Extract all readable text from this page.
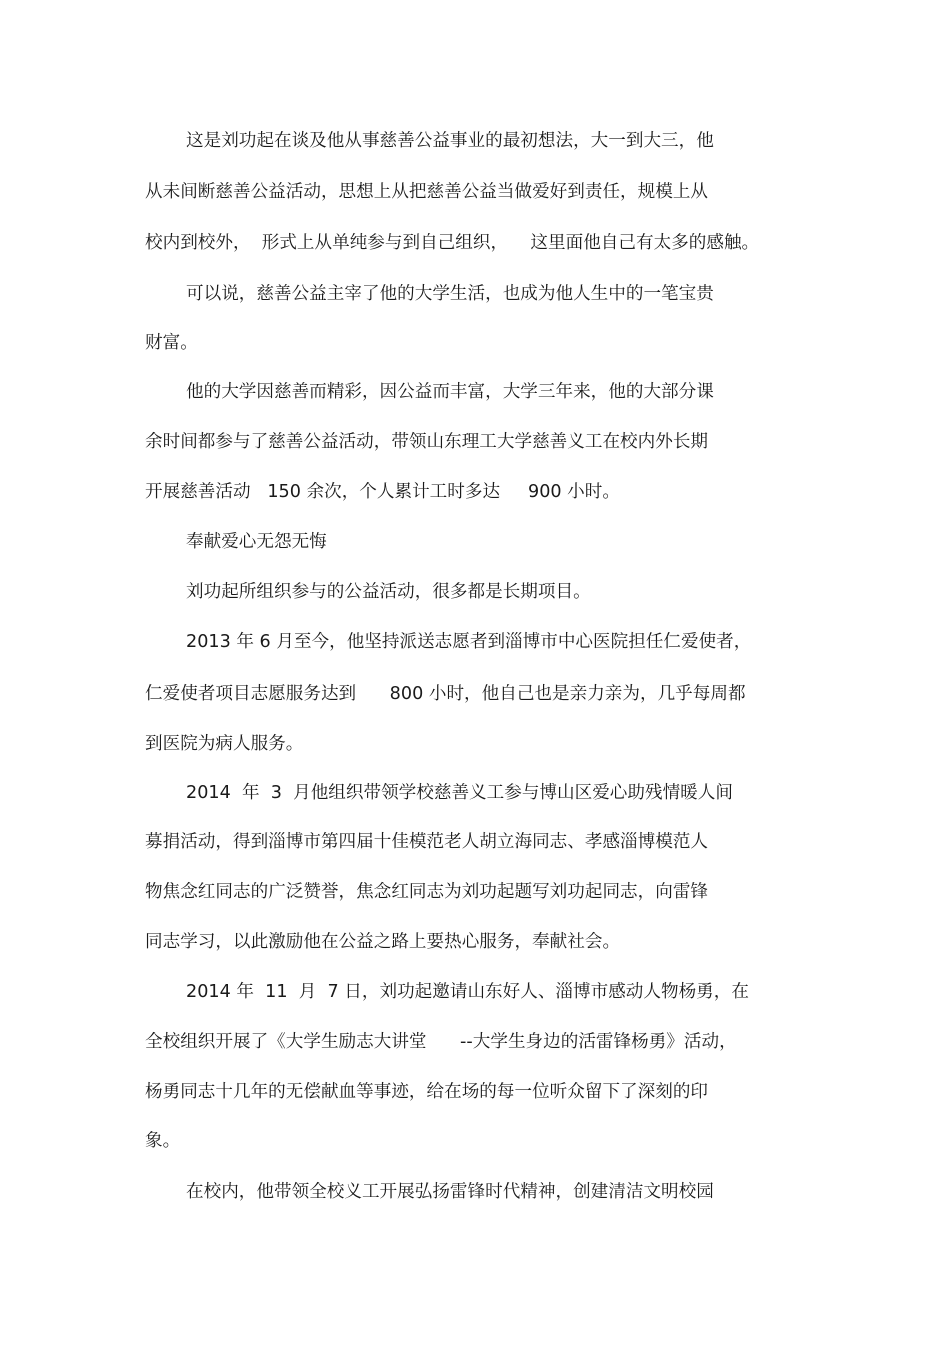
这是刘功起在谈及他从事慈善公益事业的最初想法，大一到大三，他

从未间断慈善公益活动，思想上从把慈善公益当做爱好到责任，规模上从

校内到校外，  形式上从单纯参与到自己组织，    这里面他自己有太多的感触。

可以说，慈善公益主宰了他的大学生活，也成为他人生中的一笔宝贵

财富。

他的大学因慈善而精彩，因公益而丰富，大学三年来，他的大部分课

余时间都参与了慈善公益活动，带领山东理工大学慈善义工在校内外长期

开展慈善活动   150 余次，个人累计工时多达     900 小时。

奉献爱心无怨无悔

刘功起所组织参与的公益活动，很多都是长期项目。

2013 年 6 月至今，他坚持派送志愿者到淄博市中心医院担任仁爱使者，

仁爱使者项目志愿服务达到      800 小时，他自己也是亲力亲为，几乎每周都

到医院为病人服务。

2014  年  3  月他组织带领学校慈善义工参与博山区爱心助残情暖人间

募捐活动，得到淄博市第四届十佳模范老人胡立海同志、孝感淄博模范人

物焦念红同志的广泛赞誉，焦念红同志为刘功起题写刘功起同志，向雷锋

同志学习，以此激励他在公益之路上要热心服务，奉献社会。

2014 年  11  月  7 日，刘功起邀请山东好人、淄博市感动人物杨勇，在

全校组织开展了《大学生励志大讲堂      --大学生身边的活雷锋杨勇》活动，

杨勇同志十几年的无偿献血等事迹，给在场的每一位听众留下了深刻的印

象。

在校内，他带领全校义工开展弘扬雷锋时代精神，创建清洁文明校园
